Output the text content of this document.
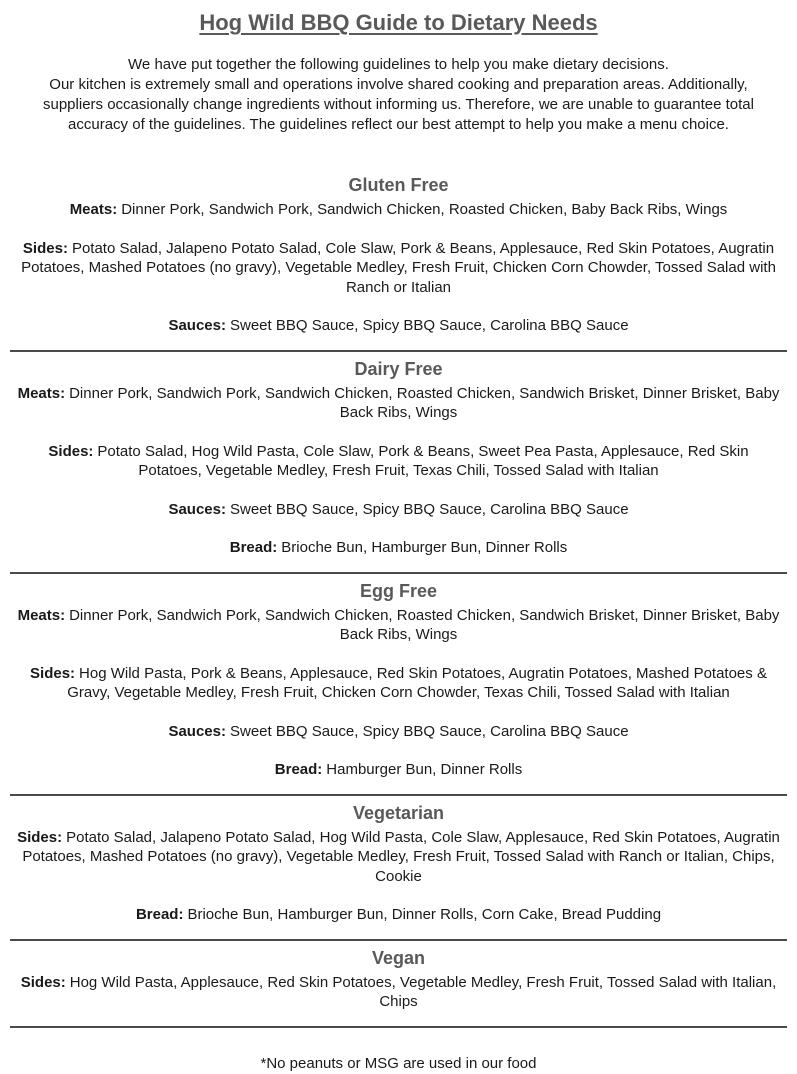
Hog Wild BBQ Guide to Dietary Needs

We have put together the following guidelines to help you make dietary decisions.
Our kitchen is extremely small and operations involve shared cooking and preparation areas. Additionally, suppliers occasionally change ingredients without informing us. Therefore, we are unable to guarantee total accuracy of the guidelines. The guidelines reflect our best attempt to help you make a menu choice.

Gluten Free

Meats: Dinner Pork, Sandwich Pork, Sandwich Chicken, Roasted Chicken, Baby Back Ribs, Wings

Sides: Potato Salad, Jalapeno Potato Salad, Cole Slaw, Pork & Beans, Applesauce, Red Skin Potatoes, Augratin Potatoes, Mashed Potatoes (no gravy), Vegetable Medley, Fresh Fruit, Chicken Corn Chowder, Tossed Salad with Ranch or Italian

Sauces: Sweet BBQ Sauce, Spicy BBQ Sauce, Carolina BBQ Sauce

Dairy Free

Meats: Dinner Pork, Sandwich Pork, Sandwich Chicken, Roasted Chicken, Sandwich Brisket, Dinner Brisket, Baby Back Ribs, Wings

Sides: Potato Salad, Hog Wild Pasta, Cole Slaw, Pork & Beans, Sweet Pea Pasta, Applesauce, Red Skin Potatoes, Vegetable Medley, Fresh Fruit, Texas Chili, Tossed Salad with Italian

Sauces: Sweet BBQ Sauce, Spicy BBQ Sauce, Carolina BBQ Sauce

Bread: Brioche Bun, Hamburger Bun, Dinner Rolls

Egg Free

Meats: Dinner Pork, Sandwich Pork, Sandwich Chicken, Roasted Chicken, Sandwich Brisket, Dinner Brisket, Baby Back Ribs, Wings

Sides: Hog Wild Pasta, Pork & Beans, Applesauce, Red Skin Potatoes, Augratin Potatoes, Mashed Potatoes & Gravy, Vegetable Medley, Fresh Fruit, Chicken Corn Chowder, Texas Chili, Tossed Salad with Italian

Sauces: Sweet BBQ Sauce, Spicy BBQ Sauce, Carolina BBQ Sauce

Bread: Hamburger Bun, Dinner Rolls

Vegetarian

Sides: Potato Salad, Jalapeno Potato Salad, Hog Wild Pasta, Cole Slaw, Applesauce, Red Skin Potatoes, Augratin Potatoes, Mashed Potatoes (no gravy), Vegetable Medley, Fresh Fruit, Tossed Salad with Ranch or Italian, Chips, Cookie

Bread: Brioche Bun, Hamburger Bun, Dinner Rolls, Corn Cake, Bread Pudding

Vegan

Sides: Hog Wild Pasta, Applesauce, Red Skin Potatoes, Vegetable Medley, Fresh Fruit, Tossed Salad with Italian, Chips

*No peanuts or MSG are used in our food
